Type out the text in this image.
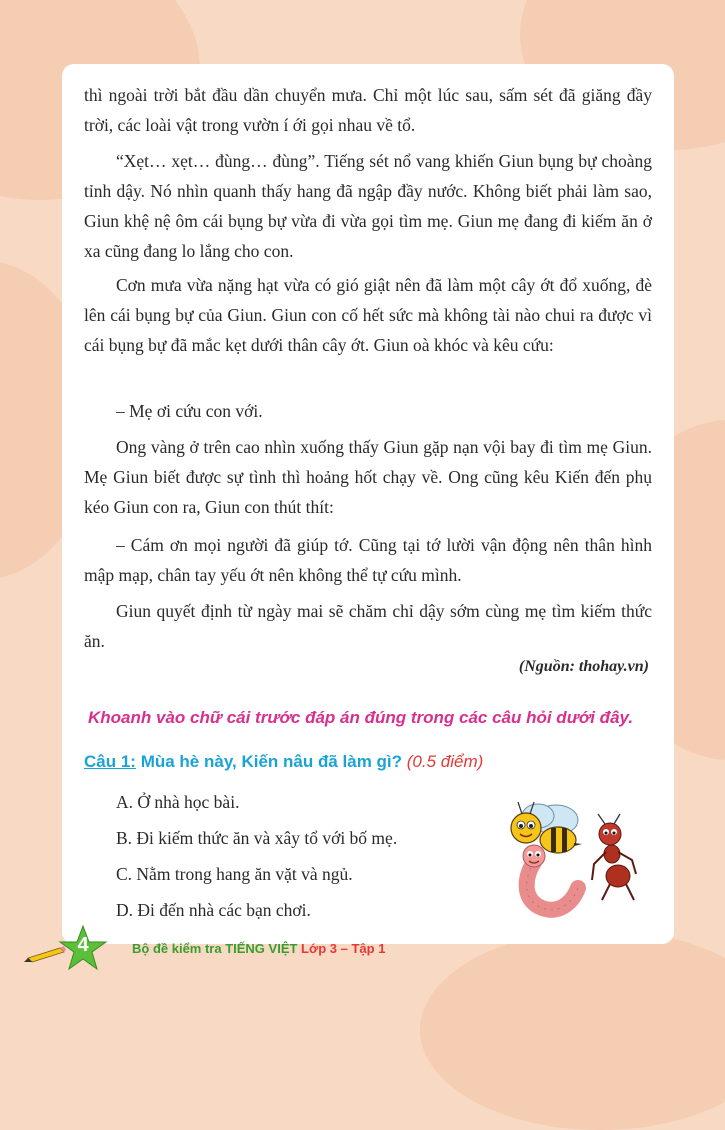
thì ngoài trời bắt đầu dần chuyển mưa. Chỉ một lúc sau, sấm sét đã giăng đầy trời, các loài vật trong vườn í ới gọi nhau về tổ.

“Xẹt… xẹt… đùng… đùng”. Tiếng sét nổ vang khiến Giun bụng bự choàng tỉnh dậy. Nó nhìn quanh thấy hang đã ngập đầy nước. Không biết phải làm sao, Giun khệ nệ ôm cái bụng bự vừa đi vừa gọi tìm mẹ. Giun mẹ đang đi kiếm ăn ở xa cũng đang lo lắng cho con.

Cơn mưa vừa nặng hạt vừa có gió giật nên đã làm một cây ớt đổ xuống, đè lên cái bụng bự của Giun. Giun con cố hết sức mà không tài nào chui ra được vì cái bụng bự đã mắc kẹt dưới thân cây ớt. Giun oà khóc và kêu cứu:

– Mẹ ơi cứu con với.

Ong vàng ở trên cao nhìn xuống thấy Giun gặp nạn vội bay đi tìm mẹ Giun. Mẹ Giun biết được sự tình thì hoảng hốt chạy về. Ong cũng kêu Kiến đến phụ kéo Giun con ra, Giun con thút thít:

– Cám ơn mọi người đã giúp tớ. Cũng tại tớ lười vận động nên thân hình mập mạp, chân tay yếu ớt nên không thể tự cứu mình.

Giun quyết định từ ngày mai sẽ chăm chỉ dậy sớm cùng mẹ tìm kiếm thức ăn.

(Nguồn: thohay.vn)
Khoanh vào chữ cái trước đáp án đúng trong các câu hỏi dưới đây.
Câu 1: Mùa hè này, Kiến nâu đã làm gì? (0.5 điểm)
A. Ở nhà học bài.
B. Đi kiếm thức ăn và xây tổ với bố mẹ.
C. Nằm trong hang ăn vặt và ngủ.
D. Đi đến nhà các bạn chơi.
4	Bộ đề kiểm tra TIẾNG VIỆT Lớp 3 – Tập 1
